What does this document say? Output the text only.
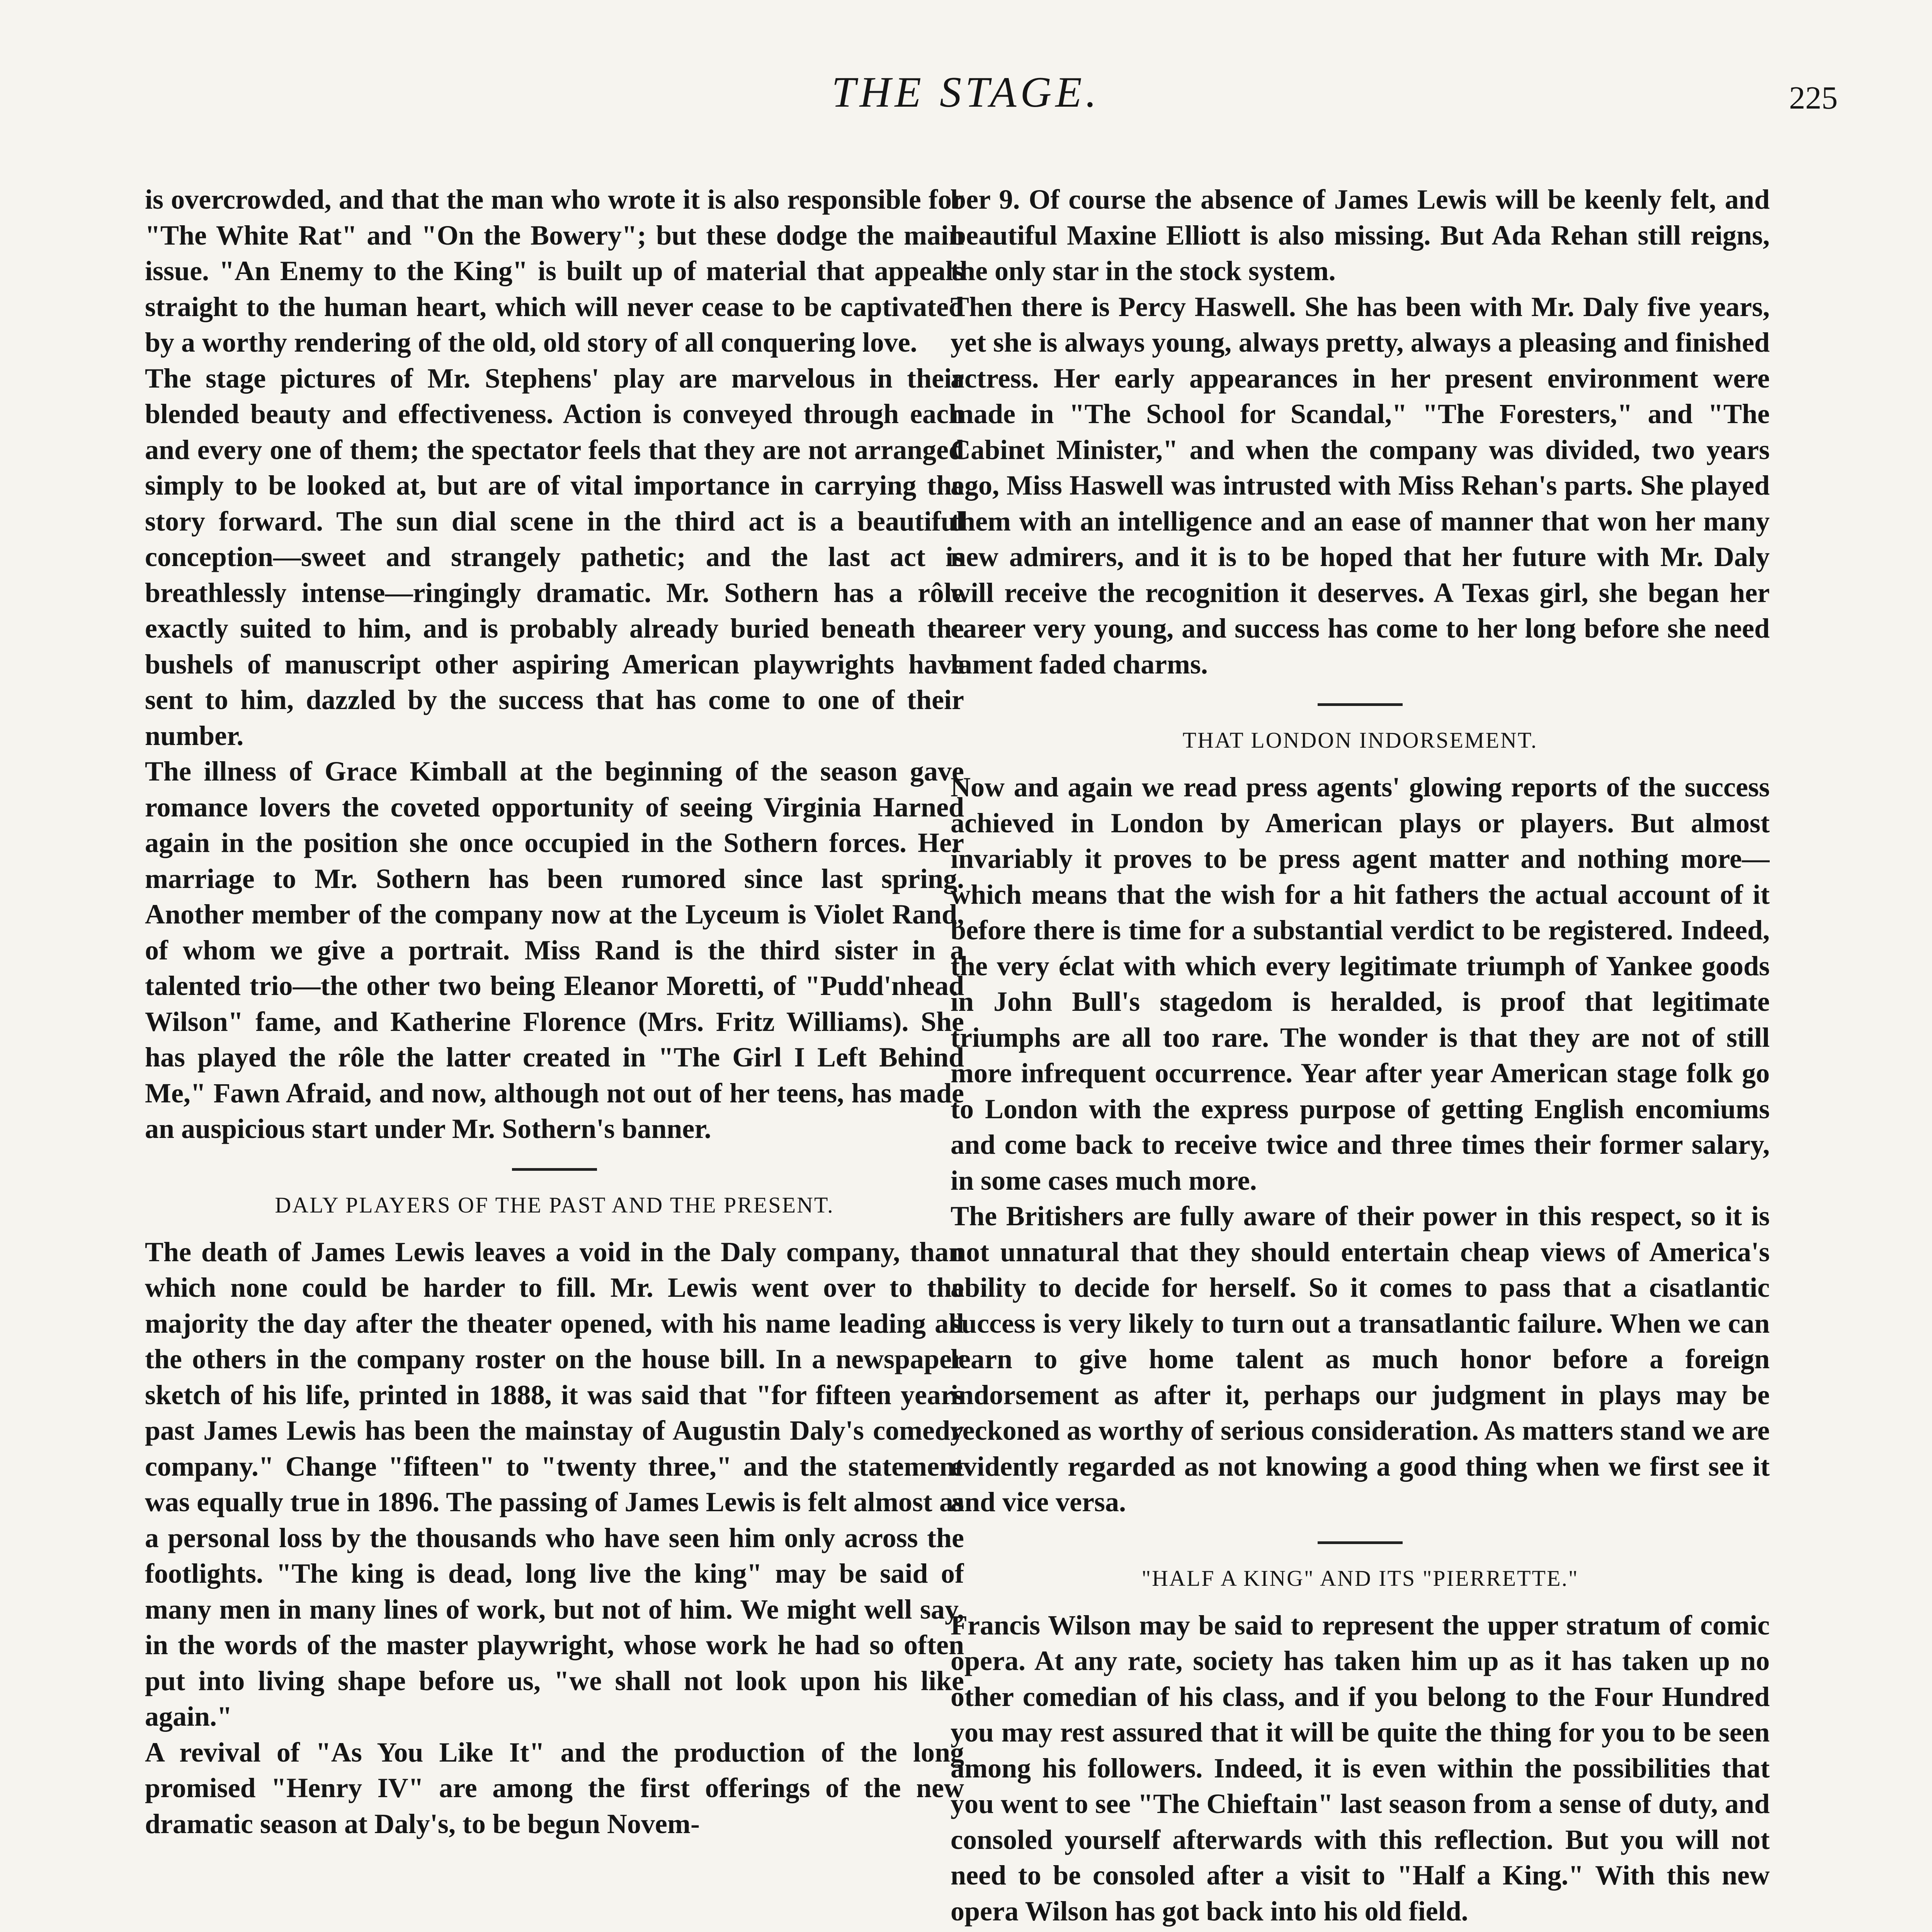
THE STAGE.	225

is overcrowded, and that the man who wrote it is also responsible for "The White Rat" and "On the Bowery"; but these dodge the main issue. "An Enemy to the King" is built up of material that appeals straight to the human heart, which will never cease to be captivated by a worthy rendering of the old, old story of all conquering love.

The stage pictures of Mr. Stephens' play are marvelous in their blended beauty and effectiveness. Action is conveyed through each and every one of them; the spectator feels that they are not arranged simply to be looked at, but are of vital importance in carrying the story forward. The sun dial scene in the third act is a beautiful conception—sweet and strangely pathetic; and the last act is breathlessly intense—ringingly dramatic. Mr. Sothern has a rôle exactly suited to him, and is probably already buried beneath the bushels of manuscript other aspiring American playwrights have sent to him, dazzled by the success that has come to one of their number.

The illness of Grace Kimball at the beginning of the season gave romance lovers the coveted opportunity of seeing Virginia Harned again in the position she once occupied in the Sothern forces. Her marriage to Mr. Sothern has been rumored since last spring. Another member of the company now at the Lyceum is Violet Rand, of whom we give a portrait. Miss Rand is the third sister in a talented trio—the other two being Eleanor Moretti, of "Pudd'nhead Wilson" fame, and Katherine Florence (Mrs. Fritz Williams). She has played the rôle the latter created in "The Girl I Left Behind Me," Fawn Afraid, and now, although not out of her teens, has made an auspicious start under Mr. Sothern's banner.

DALY PLAYERS OF THE PAST AND THE PRESENT.

The death of James Lewis leaves a void in the Daly company, than which none could be harder to fill. Mr. Lewis went over to the majority the day after the theater opened, with his name leading all the others in the company roster on the house bill. In a newspaper sketch of his life, printed in 1888, it was said that "for fifteen years past James Lewis has been the mainstay of Augustin Daly's comedy company." Change "fifteen" to "twenty three," and the statement was equally true in 1896. The passing of James Lewis is felt almost as a personal loss by the thousands who have seen him only across the footlights. "The king is dead, long live the king" may be said of many men in many lines of work, but not of him. We might well say, in the words of the master playwright, whose work he had so often put into living shape before us, "we shall not look upon his like again."

A revival of "As You Like It" and the production of the long promised "Henry IV" are among the first offerings of the new dramatic season at Daly's, to be begun Novem-

ber 9. Of course the absence of James Lewis will be keenly felt, and beautiful Maxine Elliott is also missing. But Ada Rehan still reigns, the only star in the stock system.

Then there is Percy Haswell. She has been with Mr. Daly five years, yet she is always young, always pretty, always a pleasing and finished actress. Her early appearances in her present environment were made in "The School for Scandal," "The Foresters," and "The Cabinet Minister," and when the company was divided, two years ago, Miss Haswell was intrusted with Miss Rehan's parts. She played them with an intelligence and an ease of manner that won her many new admirers, and it is to be hoped that her future with Mr. Daly will receive the recognition it deserves. A Texas girl, she began her career very young, and success has come to her long before she need lament faded charms.

THAT LONDON INDORSEMENT.

Now and again we read press agents' glowing reports of the success achieved in London by American plays or players. But almost invariably it proves to be press agent matter and nothing more—which means that the wish for a hit fathers the actual account of it before there is time for a substantial verdict to be registered. Indeed, the very éclat with which every legitimate triumph of Yankee goods in John Bull's stagedom is heralded, is proof that legitimate triumphs are all too rare. The wonder is that they are not of still more infrequent occurrence. Year after year American stage folk go to London with the express purpose of getting English encomiums and come back to receive twice and three times their former salary, in some cases much more.

The Britishers are fully aware of their power in this respect, so it is not unnatural that they should entertain cheap views of America's ability to decide for herself. So it comes to pass that a cisatlantic success is very likely to turn out a transatlantic failure. When we can learn to give home talent as much honor before a foreign indorsement as after it, perhaps our judgment in plays may be reckoned as worthy of serious consideration. As matters stand we are evidently regarded as not knowing a good thing when we first see it and vice versa.

"HALF A KING" AND ITS "PIERRETTE."

Francis Wilson may be said to represent the upper stratum of comic opera. At any rate, society has taken him up as it has taken up no other comedian of his class, and if you belong to the Four Hundred you may rest assured that it will be quite the thing for you to be seen among his followers. Indeed, it is even within the possibilities that you went to see "The Chieftain" last season from a sense of duty, and consoled yourself afterwards with this reflection. But you will not need to be consoled after a visit to "Half a King." With this new opera Wilson has got back into his old field.
